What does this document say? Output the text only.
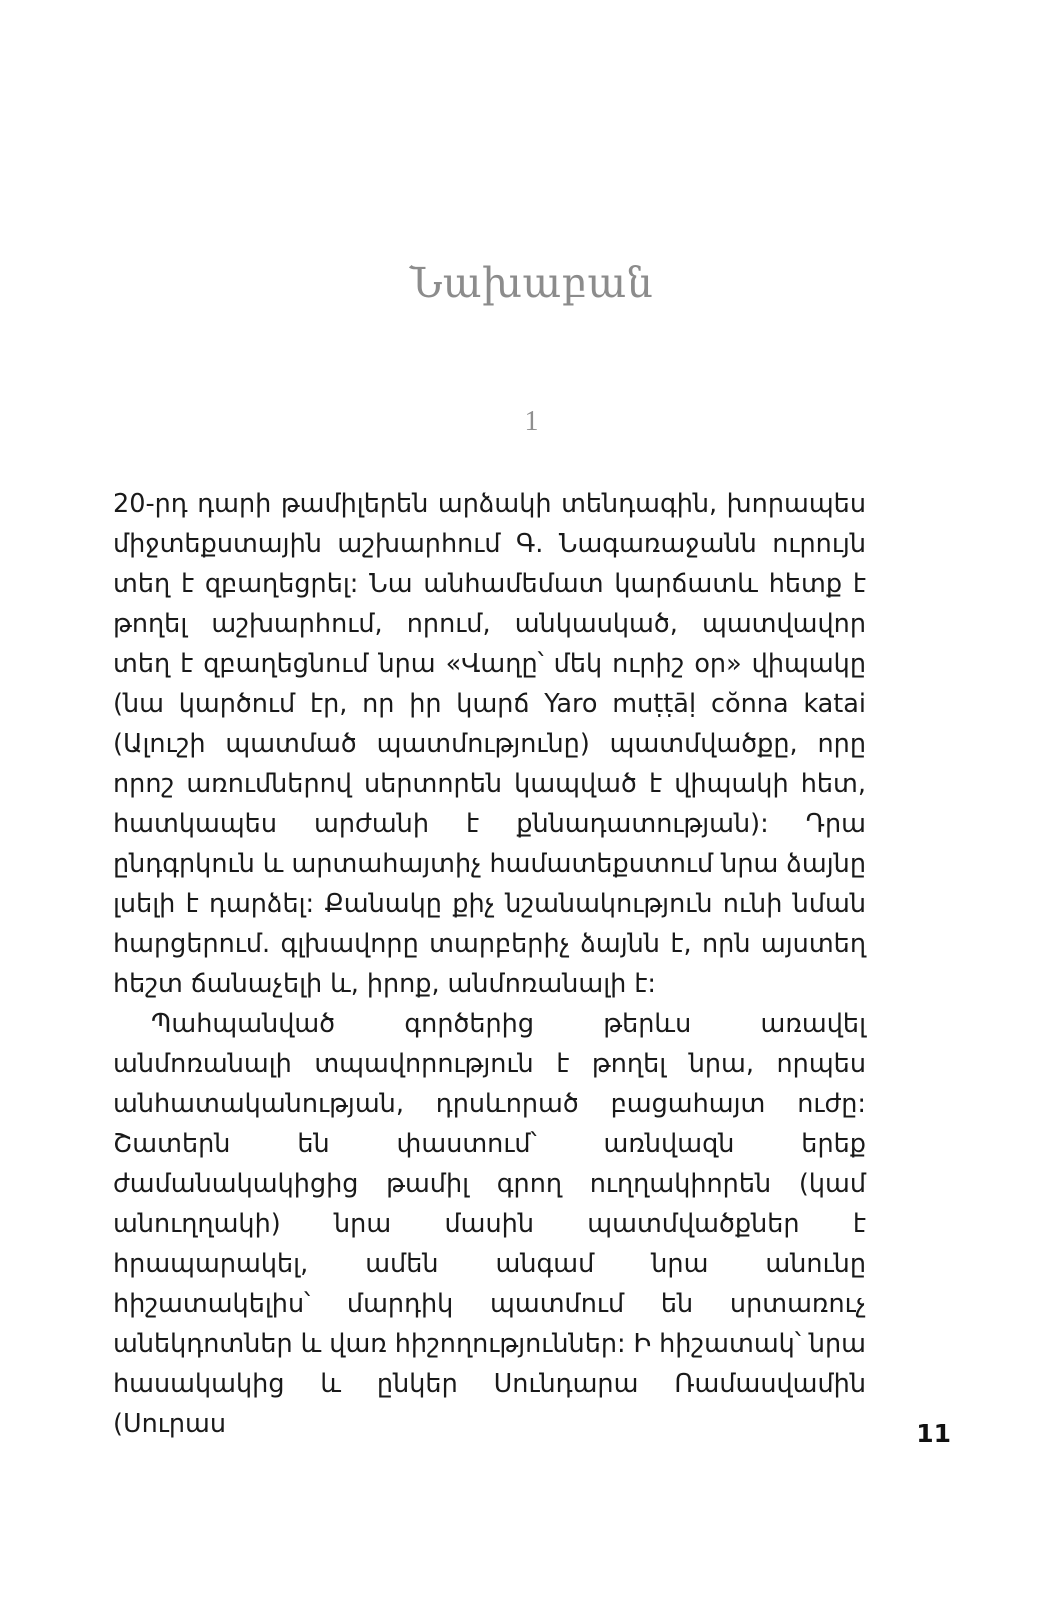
Նախաբան
1

20-րդ դարի թամիլերեն արձակի տենդագին, խորապես միջտեքստային աշխարհում Գ. Նագառաջանն ուրույն տեղ է զբաղեցրել: Նա անհամեմատ կարճատև հետք է թողել աշխարհում, որում, անկասկած, պատվավոր տեղ է զբաղեցնում նրա «Վաղը՝ մեկ ուրիշ օր» վիպակը (նա կարծում էր, որ իր կարճ Yaro muṭṭāḷ cŏnna katai (Ալուշի պատմած պատմությունը) պատմվածքը, որը որոշ առումներով սերտորեն կապված է վիպակի հետ, հատկապես արժանի է քննադատության): Դրա ընդգրկուն և արտահայտիչ համատեքստում նրա ձայնը լսելի է դարձել: Քանակը քիչ նշանակություն ունի նման հարցերում. գլխավորը տարբերիչ ձայնն է, որն այստեղ հեշտ ճանաչելի և, իրոք, անմոռանալի է:

Պահպանված գործերից թերևս առավել անմոռանալի տպավորություն է թողել նրա, որպես անհատականության, դրսևորած բացահայտ ուժը: Շատերն են փաստում՝ առնվազն երեք ժամանակակիցից թամիլ գրող ուղղակիորեն (կամ անուղղակի) նրա մասին պատմվածքներ է հրապարակել, ամեն անգամ նրա անունը հիշատակելիս՝ մարդիկ պատմում են սրտառուչ անեկդոտներ և վառ հիշողություններ: Ի հիշատակ՝ նրա հասակակից և ընկեր Սունդարա Ռամասվամին (Սուրաս	11
